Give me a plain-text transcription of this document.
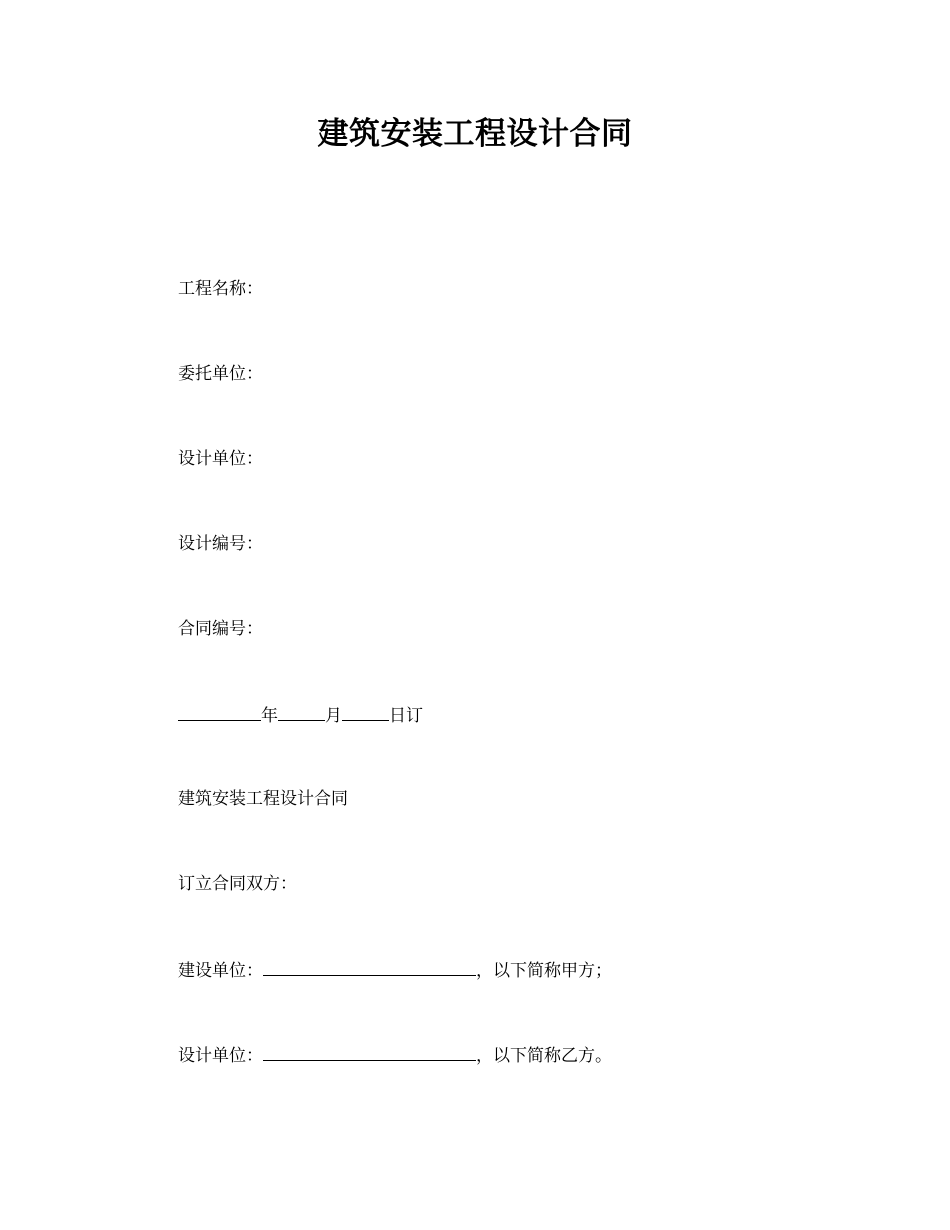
建筑安装工程设计合同
工程名称：
委托单位：
设计单位：
设计编号：
合同编号：
年	月	日订
建筑安装工程设计合同
订立合同双方：
建设单位：	，以下简称甲方；
设计单位：	，以下简称乙方。
